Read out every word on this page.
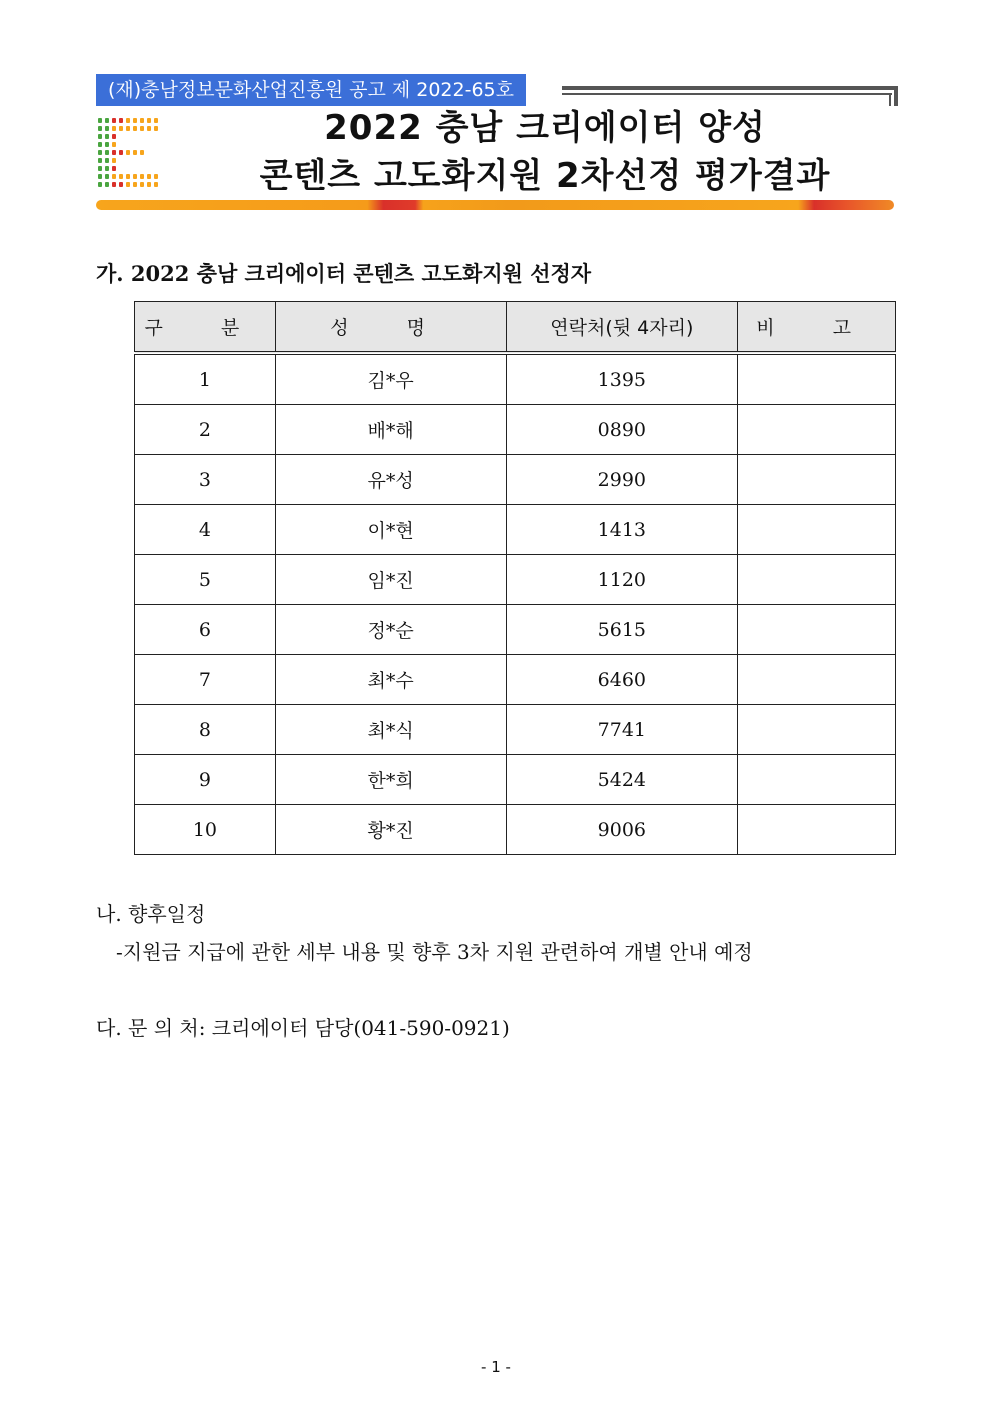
(재)충남정보문화산업진흥원 공고 제 2022-65호
2022 충남 크리에이터 양성
콘텐츠 고도화지원 2차선정 평가결과
가. 2022 충남 크리에이터 콘텐츠 고도화지원 선정자
구 분	성 명	연락처(뒷 4자리)	비 고
1	김*우	1395	
2	배*해	0890	
3	유*성	2990	
4	이*현	1413	
5	임*진	1120	
6	정*순	5615	
7	최*수	6460	
8	최*식	7741	
9	한*희	5424	
10	황*진	9006	

나. 향후일정

-지원금 지급에 관한 세부 내용 및 향후 3차 지원 관련하여 개별 안내 예정

다. 문 의 처: 크리에이터 담당(041-590-0921)

- 1 -
